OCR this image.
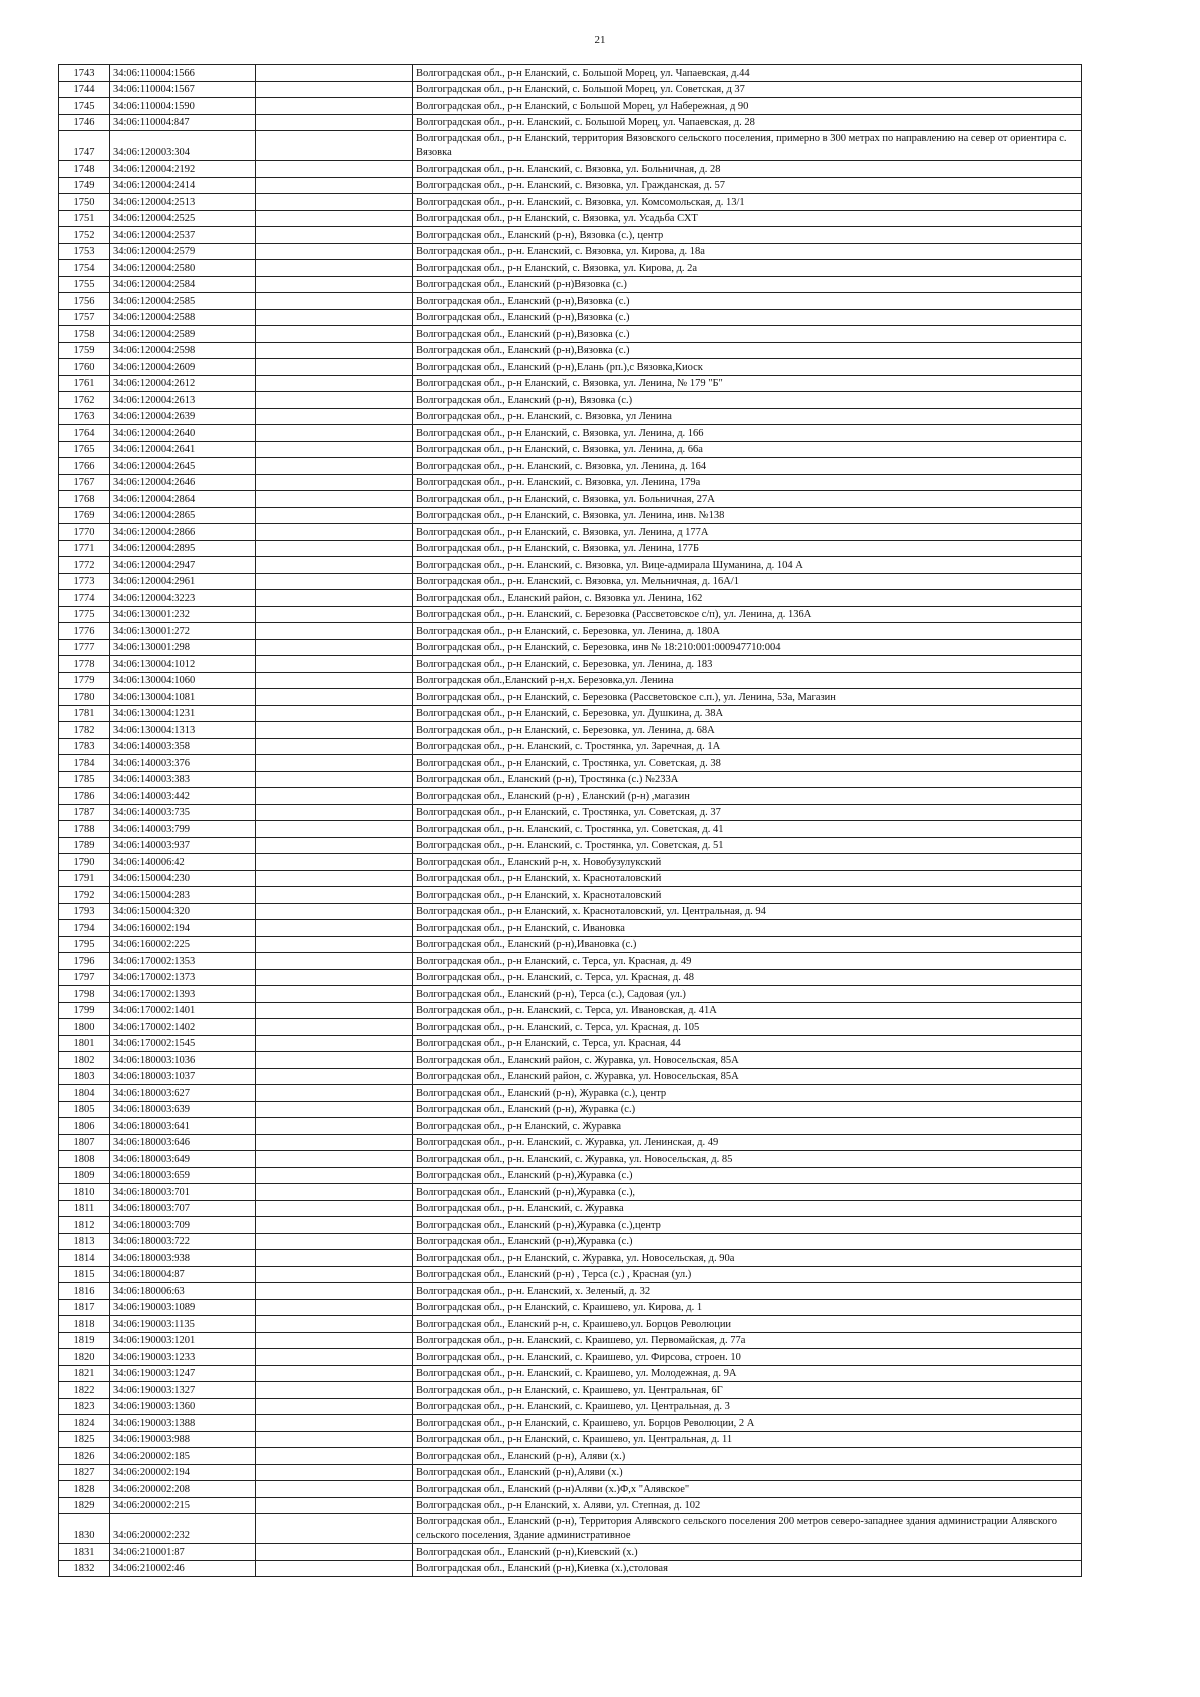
21
1743	34:06:110004:1566		Волгоградская обл., р-н Еланский, с. Большой Морец, ул. Чапаевская, д.44
1744	34:06:110004:1567		Волгоградская обл., р-н Еланский, с. Большой Морец, ул. Советская, д 37
1745	34:06:110004:1590		Волгоградская обл., р-н Еланский, с Большой Морец, ул Набережная, д 90
1746	34:06:110004:847		Волгоградская обл., р-н. Еланский, с. Большой Морец, ул. Чапаевская, д. 28
1747	34:06:120003:304		Волгоградская обл., р-н Еланский, территория Вязовского сельского поселения, примерно в 300 метрах по направлению на север от ориентира с. Вязовка
1748	34:06:120004:2192		Волгоградская обл., р-н. Еланский, с. Вязовка, ул. Больничная, д. 28
1749	34:06:120004:2414		Волгоградская обл., р-н. Еланский, с. Вязовка, ул. Гражданская, д. 57
1750	34:06:120004:2513		Волгоградская обл., р-н. Еланский, с. Вязовка, ул. Комсомольская, д. 13/1
1751	34:06:120004:2525		Волгоградская обл., р-н Еланский, с. Вязовка, ул. Усадьба СХТ
1752	34:06:120004:2537		Волгоградская обл., Еланский (р-н), Вязовка (с.), центр
1753	34:06:120004:2579		Волгоградская обл., р-н. Еланский, с. Вязовка, ул. Кирова, д. 18а
1754	34:06:120004:2580		Волгоградская обл., р-н Еланский, с. Вязовка, ул. Кирова, д. 2а
1755	34:06:120004:2584		Волгоградская обл., Еланский (р-н)Вязовка (с.)
1756	34:06:120004:2585		Волгоградская обл., Еланский (р-н),Вязовка (с.)
1757	34:06:120004:2588		Волгоградская обл., Еланский (р-н),Вязовка (с.)
1758	34:06:120004:2589		Волгоградская обл., Еланский (р-н),Вязовка (с.)
1759	34:06:120004:2598		Волгоградская обл., Еланский (р-н),Вязовка (с.)
1760	34:06:120004:2609		Волгоградская обл., Еланский (р-н),Елань (рп.),с Вязовка,Киоск
1761	34:06:120004:2612		Волгоградская обл., р-н Еланский, с. Вязовка, ул. Ленина, № 179 "Б"
1762	34:06:120004:2613		Волгоградская обл., Еланский (р-н), Вязовка (с.)
1763	34:06:120004:2639		Волгоградская обл., р-н. Еланский, с. Вязовка, ул Ленина
1764	34:06:120004:2640		Волгоградская обл., р-н Еланский, с. Вязовка, ул. Ленина, д. 166
1765	34:06:120004:2641		Волгоградская обл., р-н Еланский, с. Вязовка, ул. Ленина, д. 66а
1766	34:06:120004:2645		Волгоградская обл., р-н. Еланский, с. Вязовка, ул. Ленина, д. 164
1767	34:06:120004:2646		Волгоградская обл., р-н. Еланский, с. Вязовка, ул. Ленина, 179а
1768	34:06:120004:2864		Волгоградская обл., р-н Еланский, с. Вязовка, ул. Больничная, 27А
1769	34:06:120004:2865		Волгоградская обл., р-н Еланский, с. Вязовка, ул. Ленина, инв. №138
1770	34:06:120004:2866		Волгоградская обл., р-н Еланский, с. Вязовка, ул. Ленина, д 177А
1771	34:06:120004:2895		Волгоградская обл., р-н Еланский, с. Вязовка, ул. Ленина, 177Б
1772	34:06:120004:2947		Волгоградская обл., р-н. Еланский, с. Вязовка, ул. Вице-адмирала Шуманина, д. 104 А
1773	34:06:120004:2961		Волгоградская обл., р-н. Еланский, с. Вязовка, ул. Мельничная, д. 16А/1
1774	34:06:120004:3223		Волгоградская обл., Еланский район, с. Вязовка ул. Ленина, 162
1775	34:06:130001:232		Волгоградская обл., р-н. Еланский, с. Березовка (Рассветовское с/п), ул. Ленина, д. 136А
1776	34:06:130001:272		Волгоградская обл., р-н Еланский, с. Березовка, ул. Ленина, д. 180А
1777	34:06:130001:298		Волгоградская обл., р-н Еланский, с. Березовка, инв № 18:210:001:000947710:004
1778	34:06:130004:1012		Волгоградская обл., р-н Еланский, с. Березовка, ул. Ленина, д. 183
1779	34:06:130004:1060		Волгоградская обл.,Еланский р-н,х. Березовка,ул. Ленина
1780	34:06:130004:1081		Волгоградская обл., р-н Еланский, с. Березовка (Рассветовское с.п.), ул. Ленина, 53а, Магазин
1781	34:06:130004:1231		Волгоградская обл., р-н Еланский, с. Березовка, ул. Душкина, д. 38А
1782	34:06:130004:1313		Волгоградская обл., р-н Еланский, с. Березовка, ул. Ленина, д. 68А
1783	34:06:140003:358		Волгоградская обл., р-н. Еланский, с. Тростянка, ул. Заречная, д. 1А
1784	34:06:140003:376		Волгоградская обл., р-н Еланский, с. Тростянка, ул. Советская, д. 38
1785	34:06:140003:383		Волгоградская обл., Еланский (р-н), Тростянка (с.) №233А
1786	34:06:140003:442		Волгоградская обл., Еланский (р-н) , Еланский (р-н) ,магазин
1787	34:06:140003:735		Волгоградская обл., р-н Еланский, с. Тростянка, ул. Советская, д. 37
1788	34:06:140003:799		Волгоградская обл., р-н. Еланский, с. Тростянка, ул. Советская, д. 41
1789	34:06:140003:937		Волгоградская обл., р-н. Еланский, с. Тростянка, ул. Советская, д. 51
1790	34:06:140006:42		Волгоградская обл., Еланский р-н, х. Новобузулукский
1791	34:06:150004:230		Волгоградская обл., р-н Еланский, х. Краснοталовский
1792	34:06:150004:283		Волгоградская обл., р-н Еланский, х. Краснοталовский
1793	34:06:150004:320		Волгоградская обл., р-н Еланский, х. Краснοталовский, ул. Центральная, д. 94
1794	34:06:160002:194		Волгоградская обл., р-н Еланский, с. Ивановка
1795	34:06:160002:225		Волгоградская обл., Еланский (р-н),Ивановка (с.)
1796	34:06:170002:1353		Волгоградская обл., р-н Еланский, с. Терса, ул. Красная, д. 49
1797	34:06:170002:1373		Волгоградская обл., р-н. Еланский, с. Терса, ул. Красная, д. 48
1798	34:06:170002:1393		Волгоградская обл., Еланский (р-н), Терса (с.), Садовая (ул.)
1799	34:06:170002:1401		Волгоградская обл., р-н. Еланский, с. Терса, ул. Ивановская, д. 41А
1800	34:06:170002:1402		Волгоградская обл., р-н. Еланский, с. Терса, ул. Красная, д. 105
1801	34:06:170002:1545		Волгоградская обл., р-н Еланский, с. Терса, ул. Красная, 44
1802	34:06:180003:1036		Волгоградская обл., Еланский район, с. Журавка, ул. Новосельская, 85А
1803	34:06:180003:1037		Волгоградская обл., Еланский район, с. Журавка, ул. Новосельская, 85А
1804	34:06:180003:627		Волгоградская обл., Еланский (р-н), Журавка (с.), центр
1805	34:06:180003:639		Волгоградская обл., Еланский (р-н), Журавка (с.)
1806	34:06:180003:641		Волгоградская обл., р-н Еланский, с. Журавка
1807	34:06:180003:646		Волгоградская обл., р-н. Еланский, с. Журавка, ул. Ленинская, д. 49
1808	34:06:180003:649		Волгоградская обл., р-н. Еланский, с. Журавка, ул. Новосельская, д. 85
1809	34:06:180003:659		Волгоградская обл., Еланский (р-н),Журавка (с.)
1810	34:06:180003:701		Волгоградская обл., Еланский (р-н),Журавка (с.),
1811	34:06:180003:707		Волгоградская обл., р-н. Еланский, с. Журавка
1812	34:06:180003:709		Волгоградская обл., Еланский (р-н),Журавка (с.),центр
1813	34:06:180003:722		Волгоградская обл., Еланский (р-н),Журавка (с.)
1814	34:06:180003:938		Волгоградская обл., р-н Еланский, с. Журавка, ул. Новосельская, д. 90а
1815	34:06:180004:87		Волгоградская обл., Еланский (р-н) , Терса (с.) , Красная (ул.)
1816	34:06:180006:63		Волгоградская обл., р-н. Еланский, х. Зеленый, д. 32
1817	34:06:190003:1089		Волгоградская обл., р-н Еланский, с. Краишево, ул. Кирова, д. 1
1818	34:06:190003:1135		Волгоградская обл., Еланский р-н, с. Краишево,ул. Борцов Революции
1819	34:06:190003:1201		Волгоградская обл., р-н. Еланский, с. Краишево, ул. Первомайская, д. 77а
1820	34:06:190003:1233		Волгоградская обл., р-н. Еланский, с. Краишево, ул. Фирсова, строен. 10
1821	34:06:190003:1247		Волгоградская обл., р-н. Еланский, с. Краишево, ул. Молодежная, д. 9А
1822	34:06:190003:1327		Волгоградская обл., р-н Еланский, с. Краишево, ул. Центральная, 6Г
1823	34:06:190003:1360		Волгоградская обл., р-н. Еланский, с. Краишево, ул. Центральная, д. 3
1824	34:06:190003:1388		Волгоградская обл., р-н Еланский, с. Краишево, ул. Борцов Революции, 2 А
1825	34:06:190003:988		Волгоградская обл., р-н Еланский, с. Краишево, ул. Центральная, д. 11
1826	34:06:200002:185		Волгоградская обл., Еланский (р-н), Аляви (х.)
1827	34:06:200002:194		Волгоградская обл., Еланский (р-н),Аляви (х.)
1828	34:06:200002:208		Волгоградская обл., Еланский (р-н)Аляви (х.)Ф,х "Алявское"
1829	34:06:200002:215		Волгоградская обл., р-н Еланский, х. Аляви, ул. Степная, д. 102
1830	34:06:200002:232		Волгоградская обл., Еланский (р-н), Территория Алявского сельского поселения 200 метров северо-западнее здания администрации Алявского сельского поселения, Здание административное
1831	34:06:210001:87		Волгоградская обл., Еланский (р-н),Киевский (х.)
1832	34:06:210002:46		Волгоградская обл., Еланский (р-н),Киевка (х.),столовая
